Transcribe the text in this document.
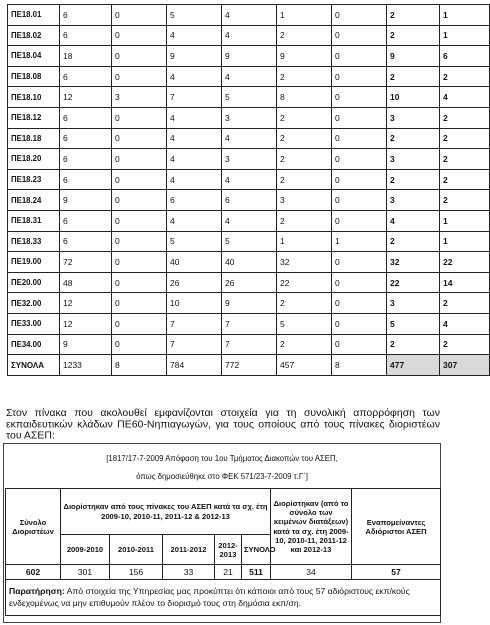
ΠΕ18.01	6	0	5	4	1	0	2	1	
ΠΕ18.02	6	0	4	4	2	0	2	1	
ΠΕ18.04	18	0	9	9	9	0	9	6	
ΠΕ18.08	6	0	4	4	2	0	2	2	
ΠΕ18.10	12	3	7	5	8	0	10	4	
ΠΕ18.12	6	0	4	3	2	0	3	2	
ΠΕ18.18	6	0	4	4	2	0	2	2	
ΠΕ18.20	6	0	4	3	2	0	3	2	
ΠΕ18.23	6	0	4	4	2	0	2	2	
ΠΕ18.24	9	0	6	6	3	0	3	2	
ΠΕ18.31	6	0	4	4	2	0	4	1	
ΠΕ18.33	6	0	5	5	1	1	2	1	
ΠΕ19.00	72	0	40	40	32	0	32	22	
ΠΕ20.00	48	0	26	26	22	0	22	14	
ΠΕ32.00	12	0	10	9	2	0	3	2	
ΠΕ33.00	12	0	7	7	5	0	5	4	
ΠΕ34.00	9	0	7	7	2	0	2	2	
ΣΥΝΟΛΑ	1233	8	784	772	457	8	477	307	

Στον πίνακα που ακολουθεί εμφανίζονται στοιχεία για τη συνολική απορρόφηση των εκπαιδευτικών κλάδων ΠΕ60-Νηπιαγωγών, για τους οποίους από τους πίνακες διοριστέων του ΑΣΕΠ:

[1817/17-7-2009 Απόφαση του 1ου Τμήματος Διακοπών του ΑΣΕΠ,
όπως δημοσιεύθηκε στο ΦΕΚ 571/23-7-2009 τ.Γ΄]
Σύνολο Διοριστέων	Διορίστηκαν από τους πίνακες του ΑΣΕΠ κατά τα σχ. έτη 2009-10, 2010-11, 2011-12 & 2012-13					Διορίστηκαν (από το σύνολο των κειμένων διατάξεων) κατά τα σχ. έτη 2009-10, 2010-11, 2011-12 και 2012-13	Εναπομείναντες Αδιόριστοι ΑΣΕΠ
	2009-2010	2010-2011	2011-2012	2012-2013	ΣΥΝΟΛΟ		
602	301	156	33	21	511	34	57
Παρατήρηση: Από στοιχεία της Υπηρεσίας μας προκύπτει ότι κάποιοι από τους 57 αδιόριστους εκπ/κούς ενδεχομένως να μην επιθυμούν πλέον το διορισμό τους στη δημόσια εκπ/ση.							
